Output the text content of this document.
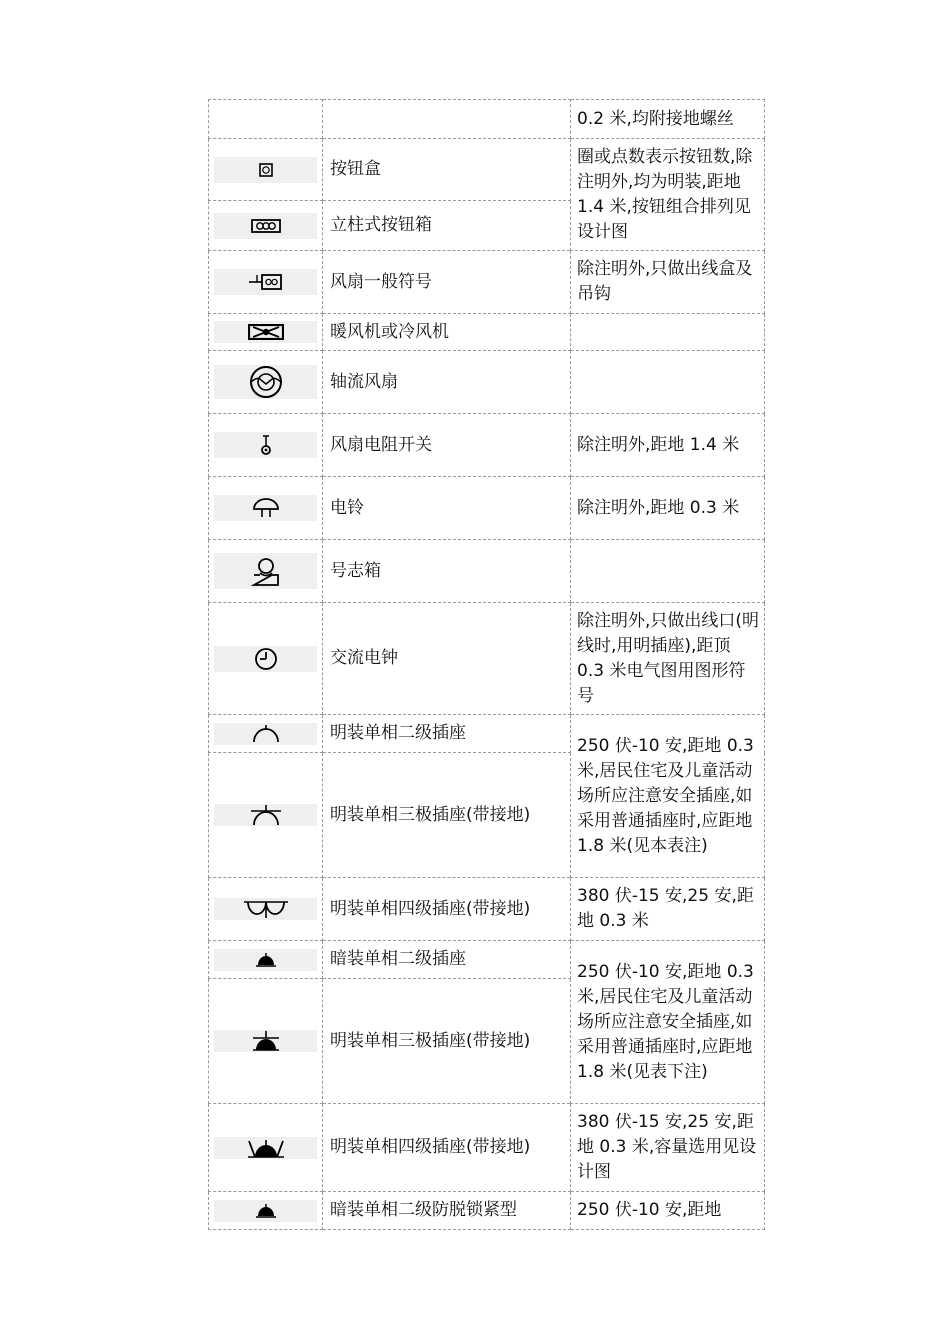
		0.2 米,均附接地螺丝

按钮盒	圈或点数表示按钮数,除注明外,均为明装,距地 1.4 米,按钮组合排列见设计图

立柱式按钮箱	

风扇一般符号	除注明外,只做出线盒及吊钩

暖风机或冷风机	

轴流风扇	

风扇电阻开关	除注明外,距地 1.4 米

电铃	除注明外,距地 0.3 米

号志箱	

交流电钟	除注明外,只做出线口(明线时,用明插座),距顶 0.3 米电气图用图形符号

明装单相二级插座	250 伏-10 安,距地 0.3 米,居民住宅及儿童活动场所应注意安全插座,如采用普通插座时,应距地 1.8 米(见本表注)

明装单相三极插座(带接地)	

明装单相四级插座(带接地)	380 伏-15 安,25 安,距地 0.3 米

暗装单相二级插座	250 伏-10 安,距地 0.3 米,居民住宅及儿童活动场所应注意安全插座,如采用普通插座时,应距地 1.8 米(见表下注)

明装单相三极插座(带接地)	

明装单相四级插座(带接地)	380 伏-15 安,25 安,距地 0.3 米,容量选用见设计图

暗装单相二级防脱锁紧型	250 伏-10 安,距地
